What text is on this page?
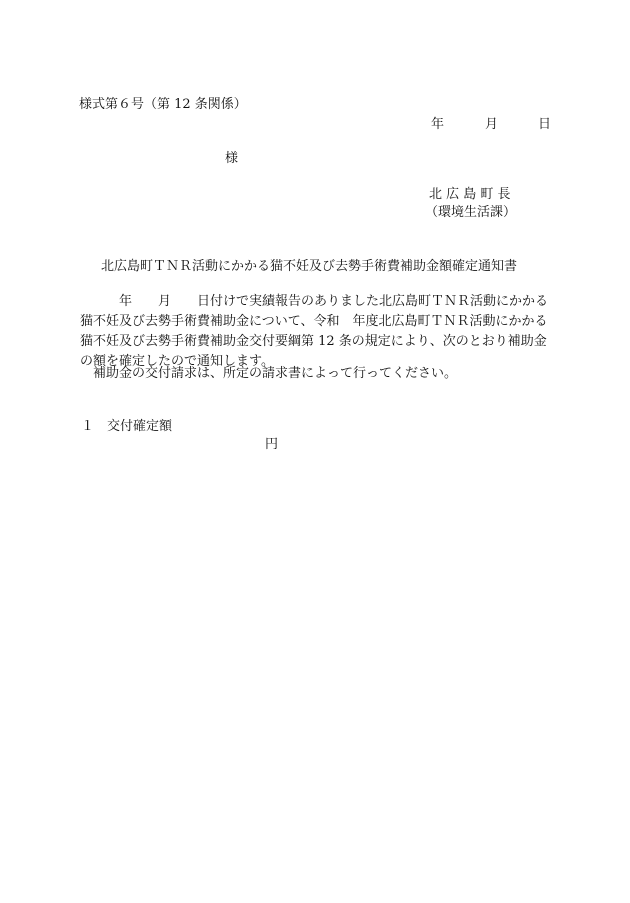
様式第６号（第 12 条関係）
年	月	日
様
北 広 島 町 長
（環境生活課）
北広島町ＴＮＲ活動にかかる猫不妊及び去勢手術費補助金額確定通知書
　　　年　　月　　日付けで実績報告のありました北広島町ＴＮＲ活動にかかる猫不妊及び去勢手術費補助金について、令和　年度北広島町ＴＮＲ活動にかかる猫不妊及び去勢手術費補助金交付要綱第 12 条の規定により、次のとおり補助金の額を確定したので通知します。
　補助金の交付請求は、所定の請求書によって行ってください。
１　交付確定額
円
